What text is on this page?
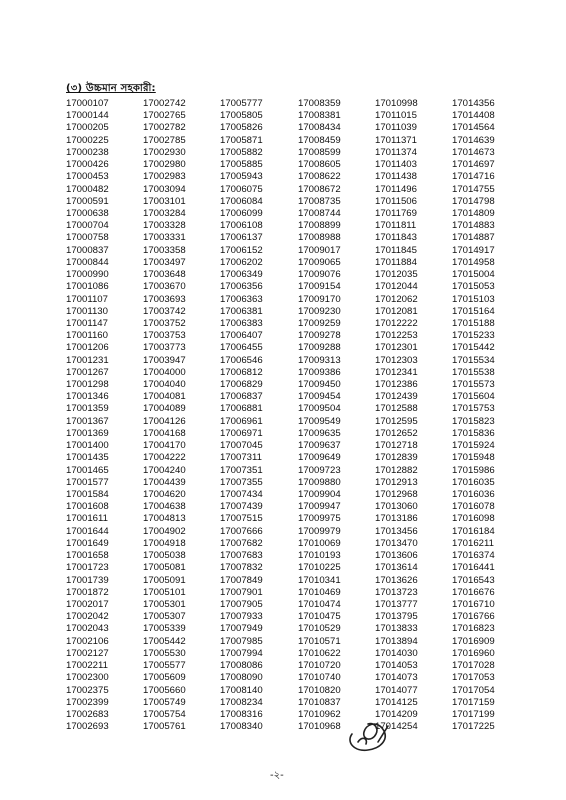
(৩) উচ্চমান সহকারী:
17000107
17000144
17000205
17000225
17000238
17000426
17000453
17000482
17000591
17000638
17000704
17000758
17000837
17000844
17000990
17001086
17001107
17001130
17001147
17001160
17001206
17001231
17001267
17001298
17001346
17001359
17001367
17001369
17001400
17001435
17001465
17001577
17001584
17001608
17001611
17001644
17001649
17001658
17001723
17001739
17001872
17002017
17002042
17002043
17002106
17002127
17002211
17002300
17002375
17002399
17002683
17002693
17002742
17002765
17002782
17002785
17002930
17002980
17002983
17003094
17003101
17003284
17003328
17003331
17003358
17003497
17003648
17003670
17003693
17003742
17003752
17003753
17003773
17003947
17004000
17004040
17004081
17004089
17004126
17004168
17004170
17004222
17004240
17004439
17004620
17004638
17004813
17004902
17004918
17005038
17005081
17005091
17005101
17005301
17005307
17005339
17005442
17005530
17005577
17005609
17005660
17005749
17005754
17005761
17005777
17005805
17005826
17005871
17005882
17005885
17005943
17006075
17006084
17006099
17006108
17006137
17006152
17006202
17006349
17006356
17006363
17006381
17006383
17006407
17006455
17006546
17006812
17006829
17006837
17006881
17006961
17006971
17007045
17007311
17007351
17007355
17007434
17007439
17007515
17007666
17007682
17007683
17007832
17007849
17007901
17007905
17007933
17007949
17007985
17007994
17008086
17008090
17008140
17008234
17008316
17008340
17008359
17008381
17008434
17008459
17008599
17008605
17008622
17008672
17008735
17008744
17008899
17008988
17009017
17009065
17009076
17009154
17009170
17009230
17009259
17009278
17009288
17009313
17009386
17009450
17009454
17009504
17009549
17009635
17009637
17009649
17009723
17009880
17009904
17009947
17009975
17009979
17010069
17010193
17010225
17010341
17010469
17010474
17010475
17010529
17010571
17010622
17010720
17010740
17010820
17010837
17010962
17010968
17010998
17011015
17011039
17011371
17011374
17011403
17011438
17011496
17011506
17011769
17011811
17011843
17011845
17011884
17012035
17012044
17012062
17012081
17012222
17012253
17012301
17012303
17012341
17012386
17012439
17012588
17012595
17012652
17012718
17012839
17012882
17012913
17012968
17013060
17013186
17013456
17013470
17013606
17013614
17013626
17013723
17013777
17013795
17013833
17013894
17014030
17014053
17014073
17014077
17014125
17014209
17014254
17014356
17014408
17014564
17014639
17014673
17014697
17014716
17014755
17014798
17014809
17014883
17014887
17014917
17014958
17015004
17015053
17015103
17015164
17015188
17015233
17015442
17015534
17015538
17015573
17015604
17015753
17015823
17015836
17015924
17015948
17015986
17016035
17016036
17016078
17016098
17016184
17016211
17016374
17016441
17016543
17016676
17016710
17016766
17016823
17016909
17016960
17017028
17017053
17017054
17017159
17017199
17017225
-২-
